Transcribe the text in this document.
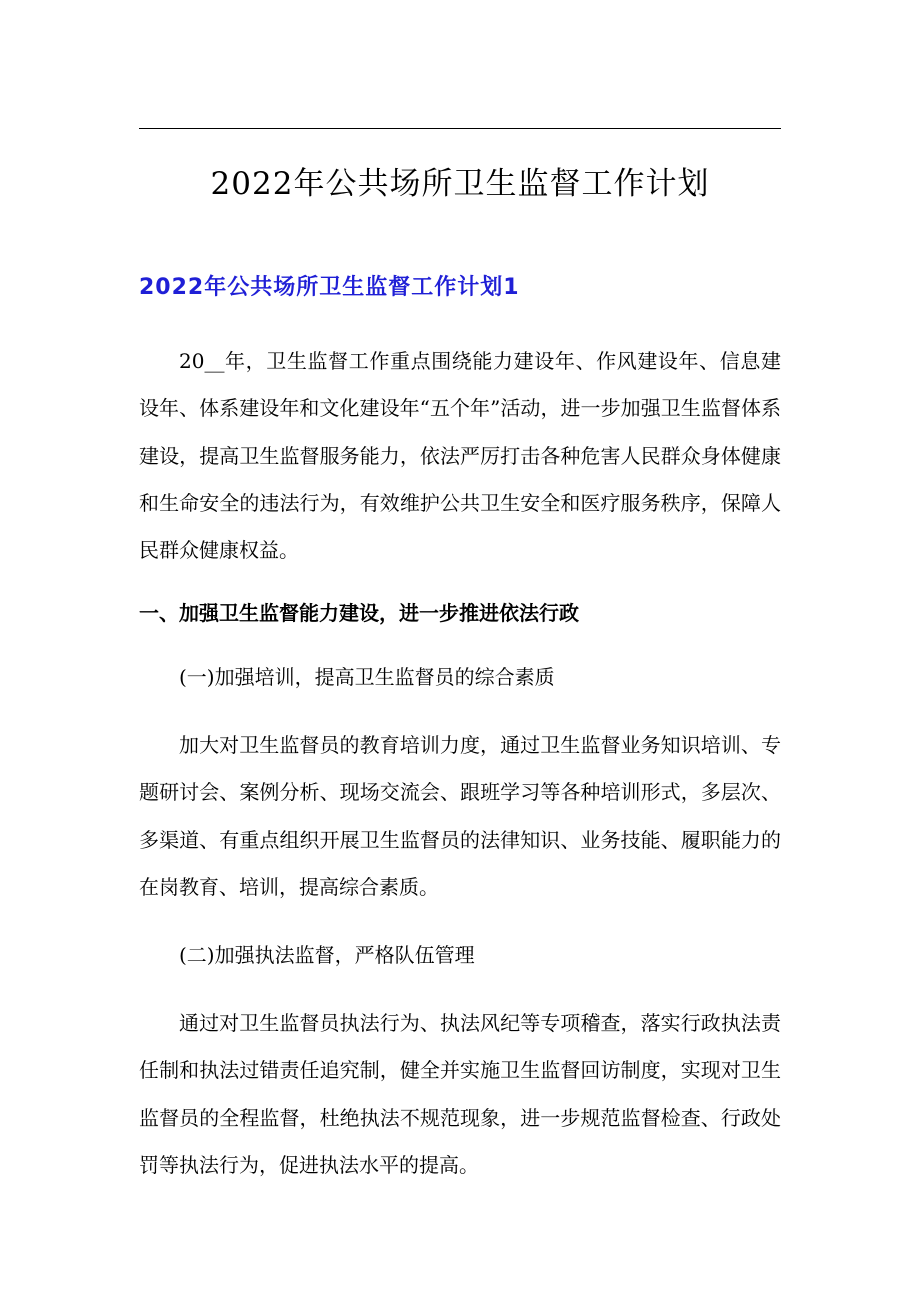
2022年公共场所卫生监督工作计划
2022年公共场所卫生监督工作计划1

20__年，卫生监督工作重点围绕能力建设年、作风建设年、信息建设年、体系建设年和文化建设年“五个年”活动，进一步加强卫生监督体系建设，提高卫生监督服务能力，依法严厉打击各种危害人民群众身体健康和生命安全的违法行为，有效维护公共卫生安全和医疗服务秩序，保障人民群众健康权益。

一、加强卫生监督能力建设，进一步推进依法行政

(一)加强培训，提高卫生监督员的综合素质

加大对卫生监督员的教育培训力度，通过卫生监督业务知识培训、专题研讨会、案例分析、现场交流会、跟班学习等各种培训形式，多层次、多渠道、有重点组织开展卫生监督员的法律知识、业务技能、履职能力的在岗教育、培训，提高综合素质。

(二)加强执法监督，严格队伍管理

通过对卫生监督员执法行为、执法风纪等专项稽查，落实行政执法责任制和执法过错责任追究制，健全并实施卫生监督回访制度，实现对卫生监督员的全程监督，杜绝执法不规范现象，进一步规范监督检查、行政处罚等执法行为，促进执法水平的提高。
